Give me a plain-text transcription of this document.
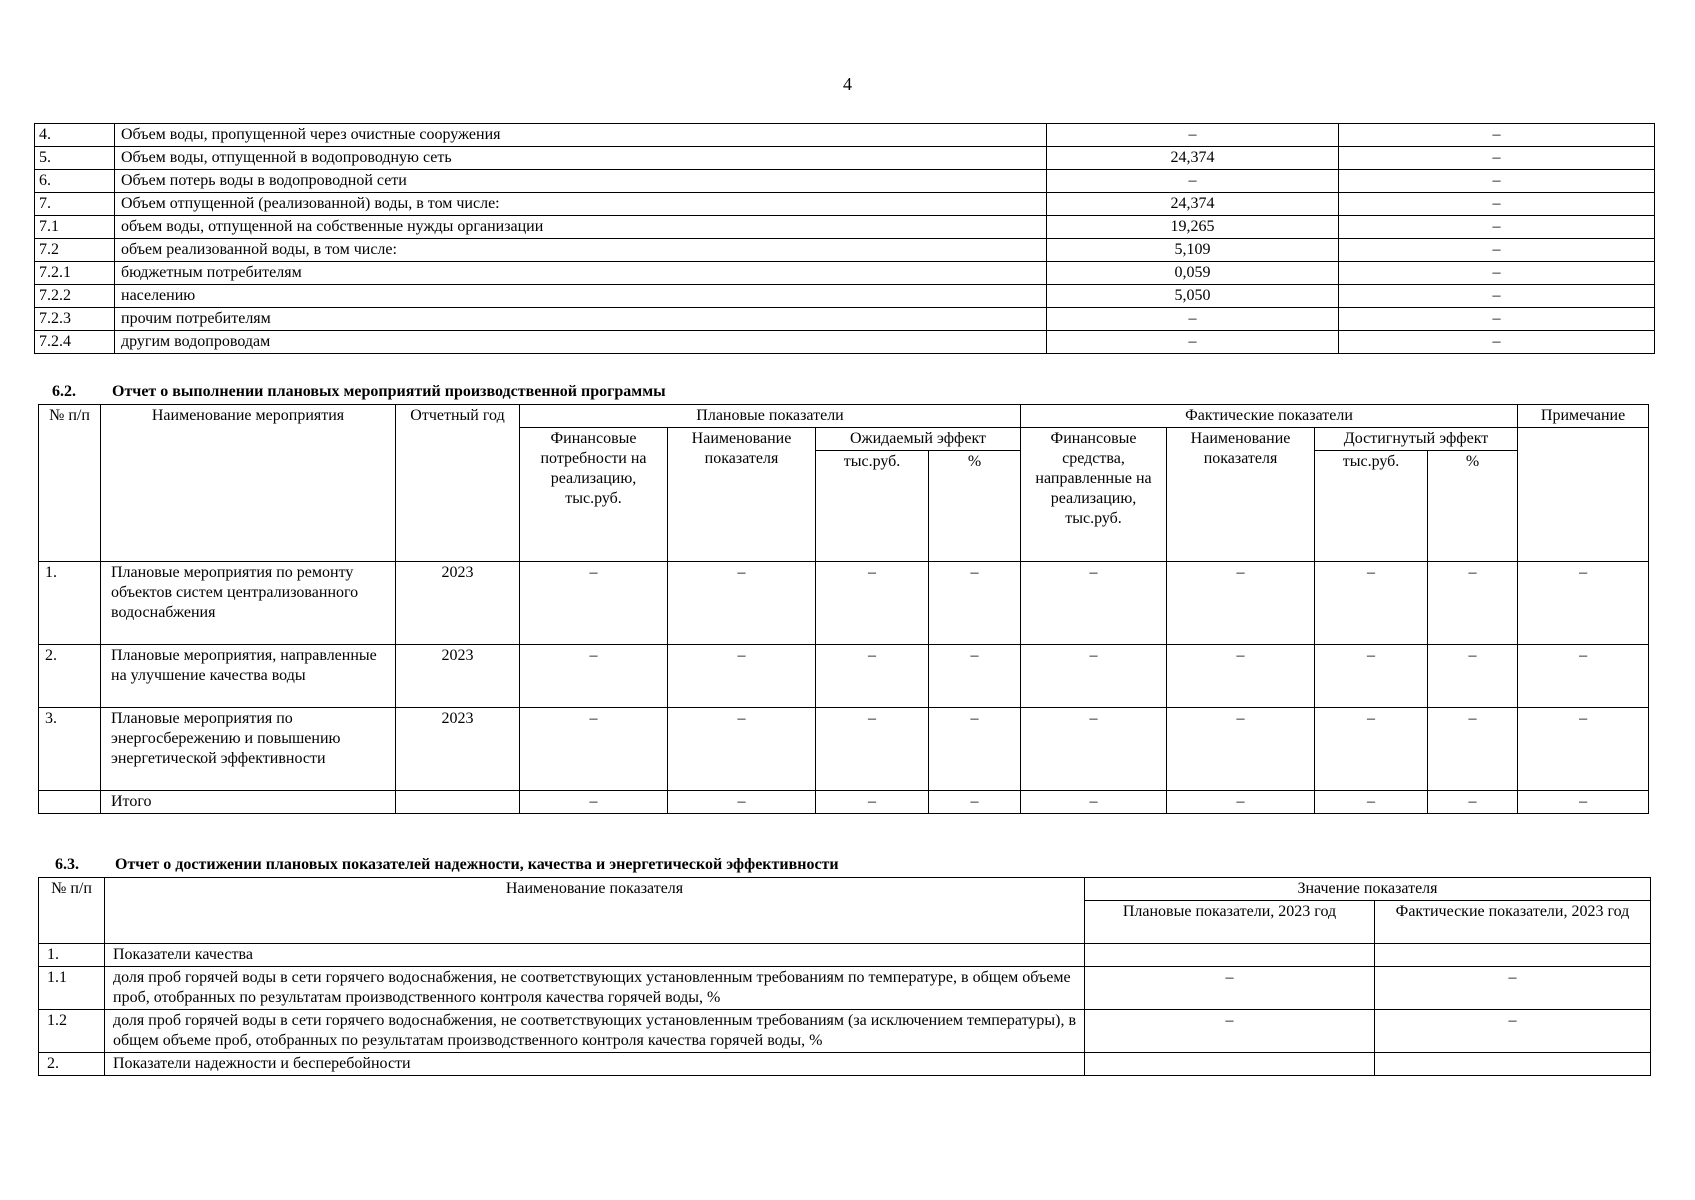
4
4.	Объем воды, пропущенной через очистные сооружения	–	–
5.	Объем воды, отпущенной в водопроводную сеть	24,374	–
6.	Объем потерь воды в водопроводной сети	–	–
7.	Объем отпущенной (реализованной) воды, в том числе:	24,374	–
7.1	объем воды, отпущенной на собственные нужды организации	19,265	–
7.2	объем реализованной воды, в том числе:	5,109	–
7.2.1	бюджетным потребителям	0,059	–
7.2.2	населению	5,050	–
7.2.3	прочим потребителям	–	–
7.2.4	другим водопроводам	–	–
6.2. Отчет о выполнении плановых мероприятий производственной программы
№ п/п	Наименование мероприятия	Отчетный год	Плановые показатели				Фактические показатели				Примечание
			Финансовые потребности на реализацию, тыс.руб.	Наименование показателя	Ожидаемый эффект		Финансовые средства, направленные на реализацию, тыс.руб.	Наименование показателя	Достигнутый эффект		
					тыс.руб.	%			тыс.руб.	%	
1.	Плановые мероприятия по ремонту объектов систем централизованного водоснабжения	2023	–	–	–	–	–	–	–	–	–
2.	Плановые мероприятия, направленные на улучшение качества воды	2023	–	–	–	–	–	–	–	–	–
3.	Плановые мероприятия по энергосбережению и повышению энергетической эффективности	2023	–	–	–	–	–	–	–	–	–
	Итого		–	–	–	–	–	–	–	–	–
6.3. Отчет о достижении плановых показателей надежности, качества и энергетической эффективности
№ п/п	Наименование показателя	Значение показателя	
		Плановые показатели, 2023 год	Фактические показатели, 2023 год
1.	Показатели качества		
1.1	доля проб горячей воды в сети горячего водоснабжения, не соответствующих установленным требованиям по температуре, в общем объеме проб, отобранных по результатам производственного контроля качества горячей воды, %	–	–
1.2	доля проб горячей воды в сети горячего водоснабжения, не соответствующих установленным требованиям (за исключением температуры), в общем объеме проб, отобранных по результатам производственного контроля качества горячей воды, %	–	–
2.	Показатели надежности и бесперебойности		
